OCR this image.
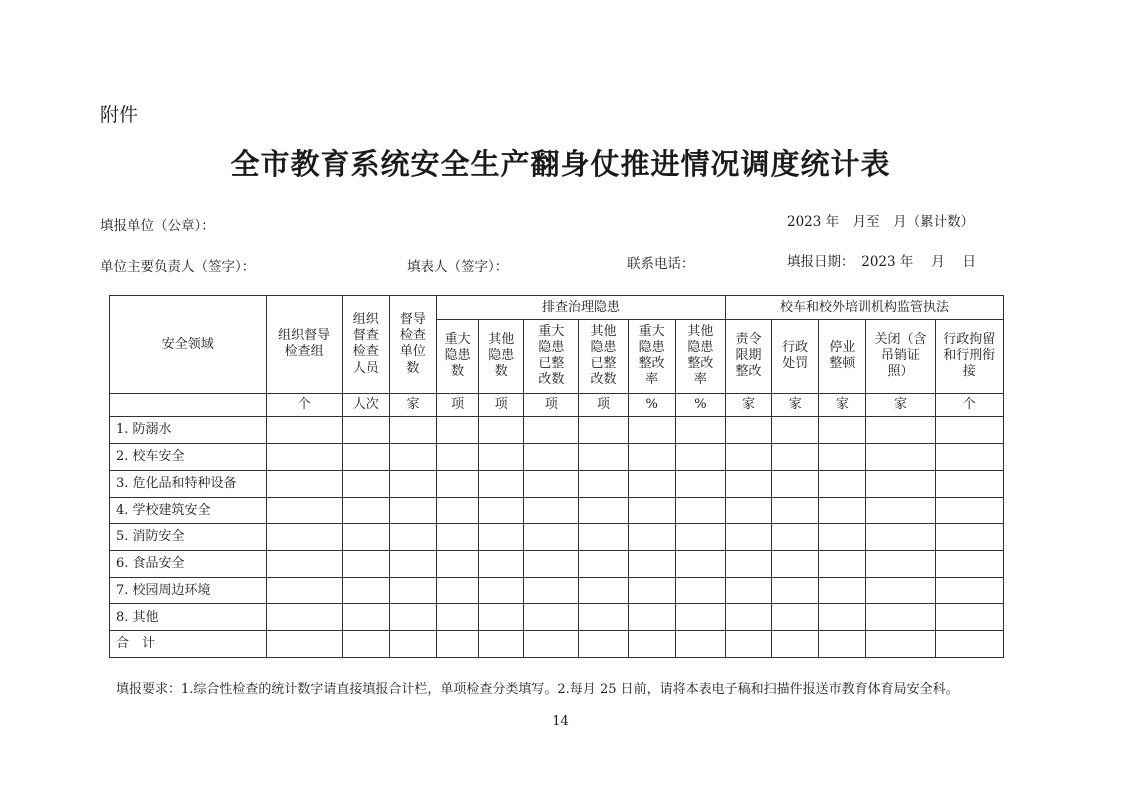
附件
全市教育系统安全生产翻身仗推进情况调度统计表
填报单位（公章）：	2023 年　月至　月（累计数）
单位主要负责人（签字）：	填表人（签字）：	联系电话：	填报日期：　2023 年　 月　 日
安全领域	组织督导检查组	组织督查检查人员	督导检查单位数	排查治理隐患						校车和校外培训机构监管执法				
				重大隐患数	其他隐患数	重大隐患已整改数	其他隐患已整改数	重大隐患整改率	其他隐患整改率	责令限期整改	行政处罚	停业整顿	关闭（含吊销证照）	行政拘留和行刑衔接
	个	人次	家	项	项	项	项	%	%	家	家	家	家	个
1. 防溺水														
2. 校车安全														
3. 危化品和特种设备														
4. 学校建筑安全														
5. 消防安全														
6. 食品安全														
7. 校园周边环境														
8. 其他														
合　计														
填报要求：1.综合性检查的统计数字请直接填报合计栏，单项检查分类填写。2.每月 25 日前，请将本表电子稿和扫描件报送市教育体育局安全科。
14
